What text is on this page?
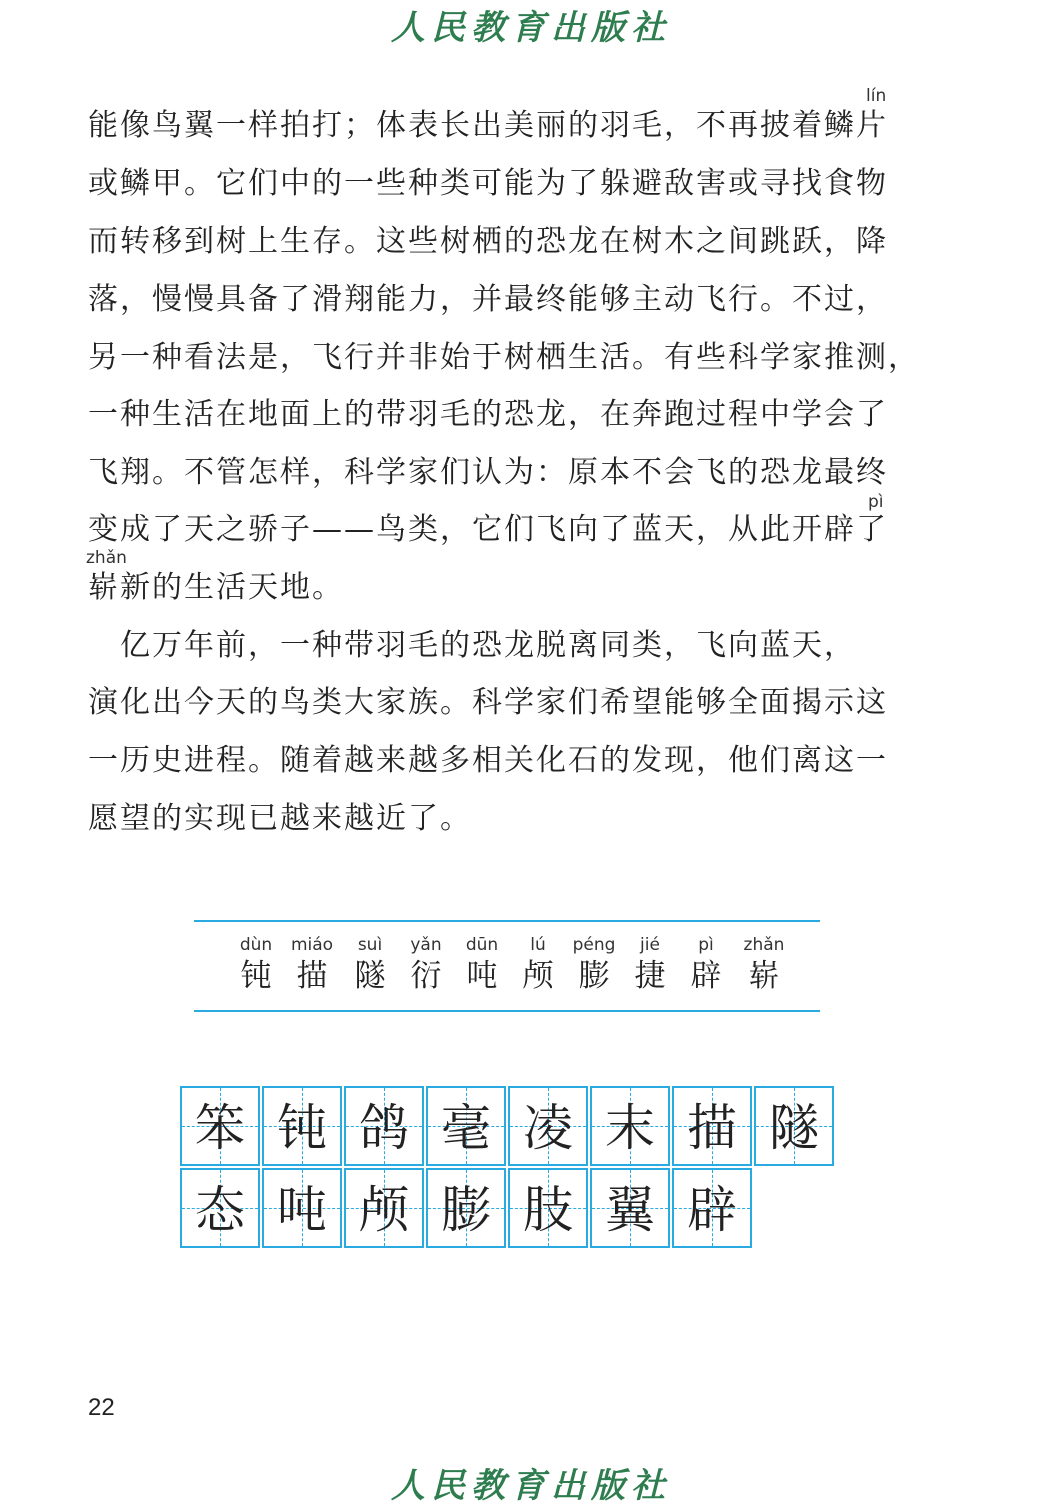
人民教育出版社
能像鸟翼一样拍打；体表长出美丽的羽毛，不再披着鳞片
或鳞甲。它们中的一些种类可能为了躲避敌害或寻找食物
而转移到树上生存。这些树栖的恐龙在树木之间跳跃，降
落，慢慢具备了滑翔能力，并最终能够主动飞行。不过，
另一种看法是，飞行并非始于树栖生活。有些科学家推测，
一种生活在地面上的带羽毛的恐龙，在奔跑过程中学会了
飞翔。不管怎样，科学家们认为：原本不会飞的恐龙最终
变成了天之骄子——鸟类，它们飞向了蓝天，从此开辟了
崭新的生活天地。
　亿万年前，一种带羽毛的恐龙脱离同类，飞向蓝天，
演化出今天的鸟类大家族。科学家们希望能够全面揭示这
一历史进程。随着越来越多相关化石的发现，他们离这一
愿望的实现已越来越近了。
lín
pì
zhǎn
dùn
钝
miáo
描
suì
隧
yǎn
衍
dūn
吨
lú
颅
péng
膨
jié
捷
pì
辟
zhǎn
崭
笨 钝 鸽 毫 凌 末 描 隧
态 吨 颅 膨 肢 翼 辟
22
人民教育出版社
